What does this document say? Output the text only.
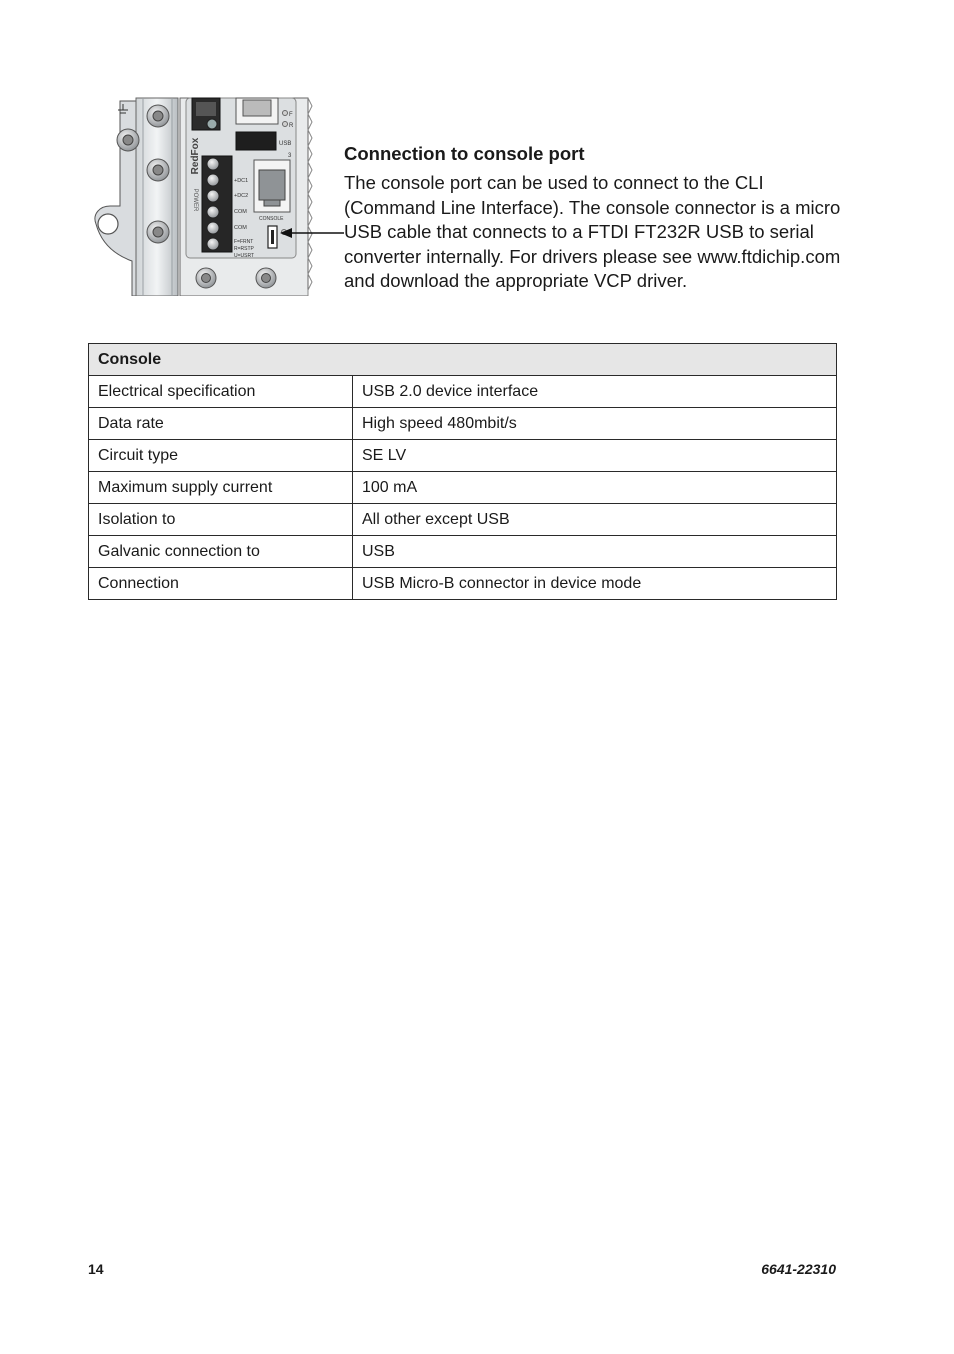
F
R
USB
3
RedFox
POWER
+DC1
+DC2
COM
COM
CONSOLE
F=FRNT
R=RSTP
U=USRT
Connection to console port

The console port can be used to connect to the CLI (Command Line Interface). The console connector is a micro USB cable that connects to a FTDI FT232R USB to serial converter internally. For drivers please see www.ftdichip.com and download the appropriate VCP driver.

Console	
Electrical specification	USB 2.0 device interface
Data rate	High speed 480mbit/s
Circuit type	SE LV
Maximum supply current	100 mA
Isolation to	All other except USB
Galvanic connection to	USB
Connection	USB Micro-B connector in device mode
14	6641-22310
